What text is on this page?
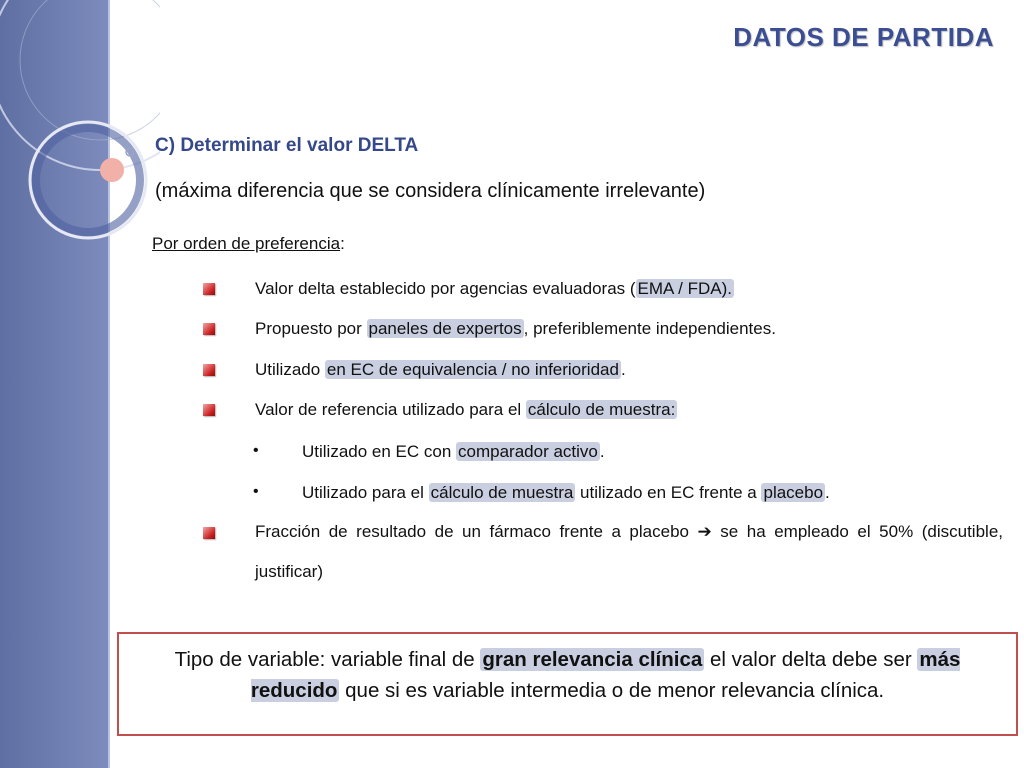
DATOS DE PARTIDA
C) Determinar el valor DELTA
(máxima diferencia que se considera clínicamente irrelevante)
Por orden de preferencia:
Valor delta establecido por agencias evaluadoras ( EMA / FDA).
Propuesto por paneles de expertos , preferiblemente independientes.
Utilizado en EC de equivalencia / no inferioridad .
Valor de referencia utilizado para el cálculo de muestra:
•	Utilizado en EC con comparador activo .
•	Utilizado para el cálculo de muestra utilizado en EC frente a placebo .
Fracción de resultado de un fármaco frente a placebo ➔ se ha empleado el 50% (discutible, justificar)
Tipo de variable: variable final de gran relevancia clínica el valor delta debe ser más reducido que si es variable intermedia o de menor relevancia clínica.
